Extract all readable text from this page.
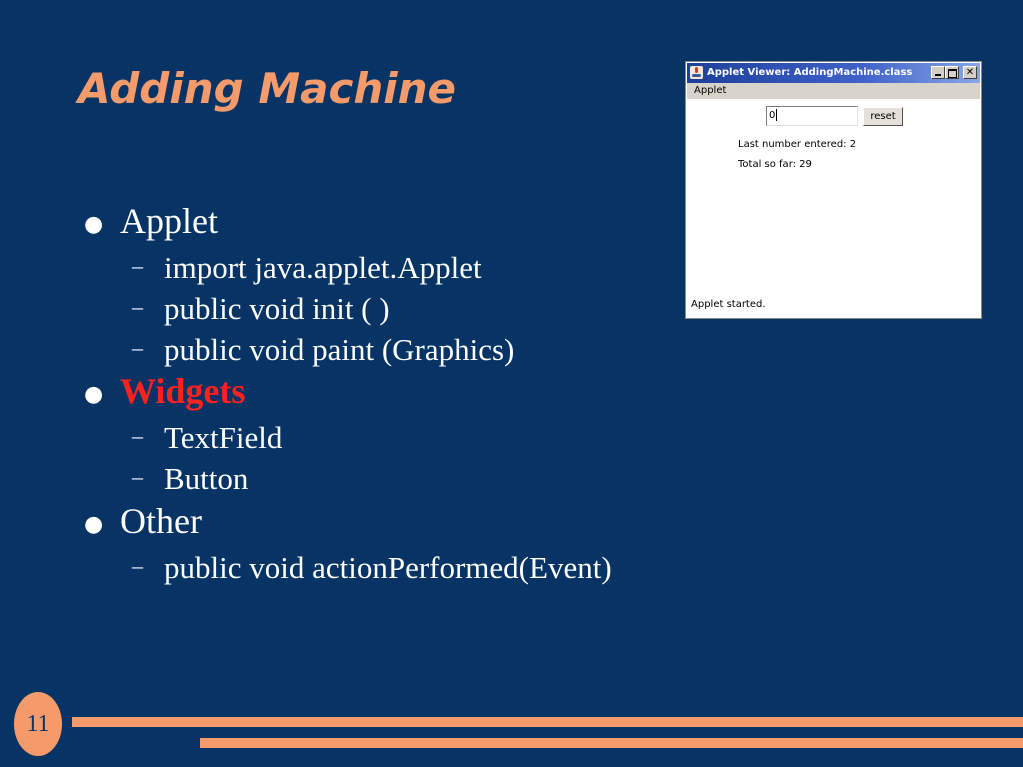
Adding Machine
● Applet
– import java.applet.Applet
– public void init ( )
– public void paint (Graphics)
● Widgets
– TextField
– Button
● Other
– public void actionPerformed(Event)
Applet Viewer: AddingMachine.class	✕
Applet
0	reset
Last number entered: 2
Total so far: 29
Applet started.
11
